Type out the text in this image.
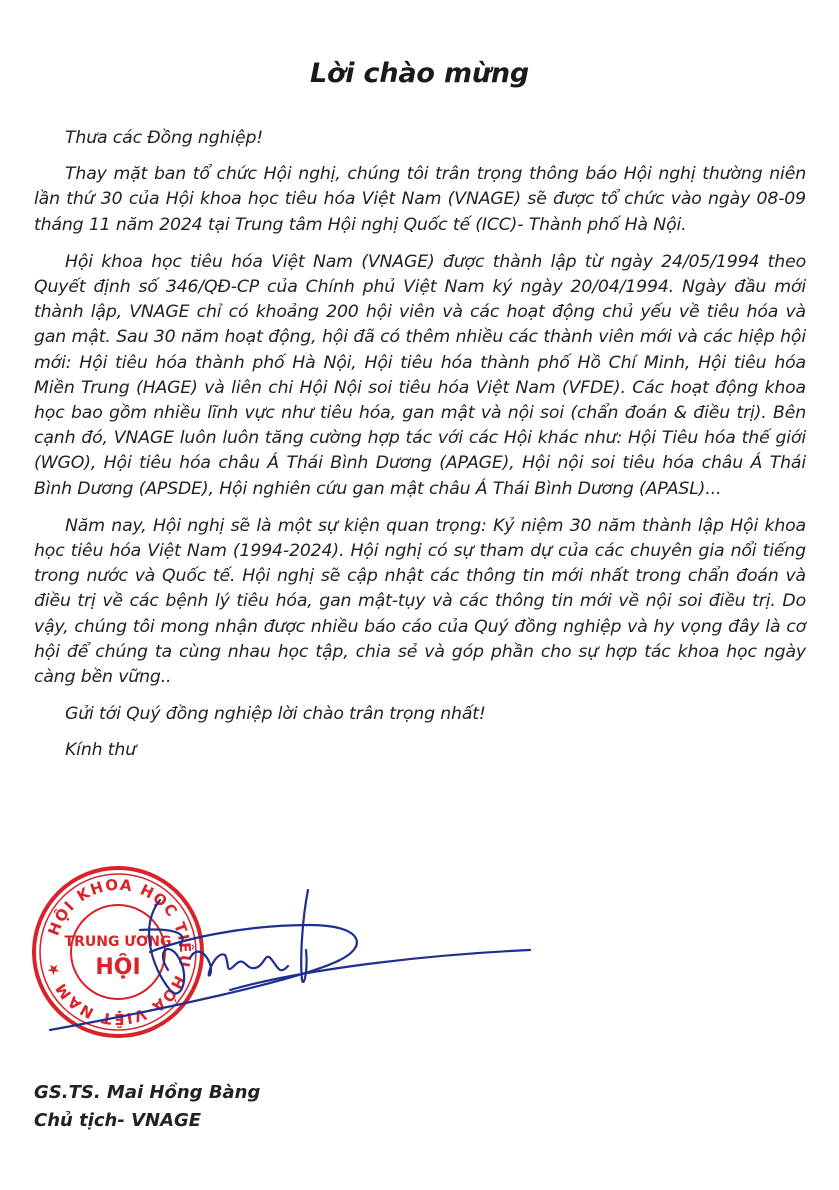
Lời chào mừng

Thưa các Đồng nghiệp!

Thay mặt ban tổ chức Hội nghị, chúng tôi trân trọng thông báo Hội nghị thường niên lần thứ 30 của Hội khoa học tiêu hóa Việt Nam (VNAGE) sẽ được tổ chức vào ngày 08-09 tháng 11 năm 2024 tại Trung tâm Hội nghị Quốc tế (ICC)- Thành phố Hà Nội.

Hội khoa học tiêu hóa Việt Nam (VNAGE) được thành lập từ ngày 24/05/1994 theo Quyết định số 346/QĐ-CP của Chính phủ Việt Nam ký ngày 20/04/1994. Ngày đầu mới thành lập, VNAGE chỉ có khoảng 200 hội viên và các hoạt động chủ yếu về tiêu hóa và gan mật. Sau 30 năm hoạt động, hội đã có thêm nhiều các thành viên mới và các hiệp hội mới: Hội tiêu hóa thành phố Hà Nội, Hội tiêu hóa thành phố Hồ Chí Minh, Hội tiêu hóa Miền Trung (HAGE) và liên chi Hội Nội soi tiêu hóa Việt Nam (VFDE). Các hoạt động khoa học bao gồm nhiều lĩnh vực như tiêu hóa, gan mật và nội soi (chẩn đoán & điều trị). Bên cạnh đó, VNAGE luôn luôn tăng cường hợp tác với các Hội khác như: Hội Tiêu hóa thế giới (WGO), Hội tiêu hóa châu Á Thái Bình Dương (APAGE), Hội nội soi tiêu hóa châu Á Thái Bình Dương (APSDE), Hội nghiên cứu gan mật châu Á Thái Bình Dương (APASL)...

Năm nay, Hội nghị sẽ là một sự kiện quan trọng: Kỷ niệm 30 năm thành lập Hội khoa học tiêu hóa Việt Nam (1994-2024). Hội nghị có sự tham dự của các chuyên gia nổi tiếng trong nước và Quốc tế. Hội nghị sẽ cập nhật các thông tin mới nhất trong chẩn đoán và điều trị về các bệnh lý tiêu hóa, gan mật-tụy và các thông tin mới về nội soi điều trị. Do vậy, chúng tôi mong nhận được nhiều báo cáo của Quý đồng nghiệp và hy vọng đây là cơ hội để chúng ta cùng nhau học tập, chia sẻ và góp phần cho sự hợp tác khoa học ngày càng bền vững..

Gửi tới Quý đồng nghiệp lời chào trân trọng nhất!

Kính thư

HỘI KHOA HỌC TIÊU HÓA VIỆT NAM ★
TRUNG ƯƠNG
HỘI
GS.TS. Mai Hồng Bàng
Chủ tịch- VNAGE
